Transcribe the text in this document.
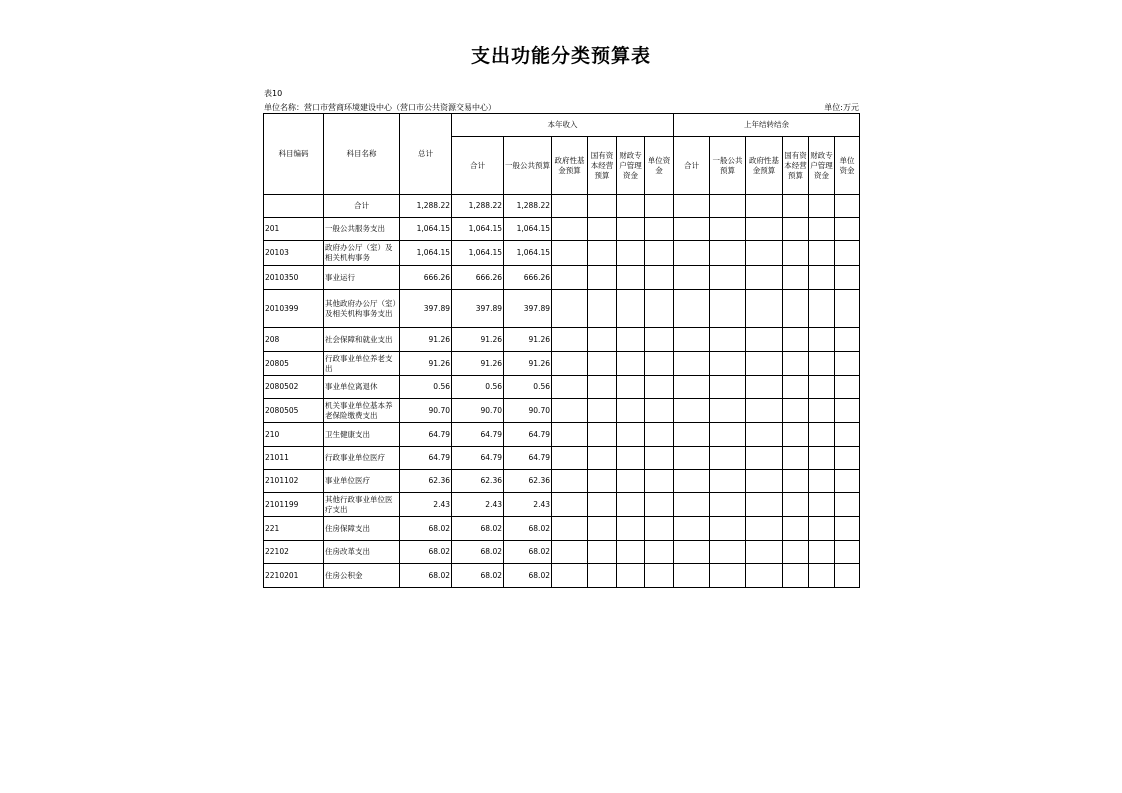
支出功能分类预算表
表10
单位名称：营口市营商环境建设中心（营口市公共资源交易中心）	单位:万元
科目编码	科目名称	总计	本年收入						上年结转结余					
			合计	一般公共预算	政府性基金预算	国有资本经营预算	财政专户管理资金	单位资金	合计	一般公共预算	政府性基金预算	国有资本经营预算	财政专户管理资金	单位资金
	合计	1,288.22	1,288.22	1,288.22										
201	一般公共服务支出	1,064.15	1,064.15	1,064.15										
20103	政府办公厅（室）及相关机构事务	1,064.15	1,064.15	1,064.15										
2010350	事业运行	666.26	666.26	666.26										
2010399	其他政府办公厅（室）及相关机构事务支出	397.89	397.89	397.89										
208	社会保障和就业支出	91.26	91.26	91.26										
20805	行政事业单位养老支出	91.26	91.26	91.26										
2080502	事业单位离退休	0.56	0.56	0.56										
2080505	机关事业单位基本养老保险缴费支出	90.70	90.70	90.70										
210	卫生健康支出	64.79	64.79	64.79										
21011	行政事业单位医疗	64.79	64.79	64.79										
2101102	事业单位医疗	62.36	62.36	62.36										
2101199	其他行政事业单位医疗支出	2.43	2.43	2.43										
221	住房保障支出	68.02	68.02	68.02										
22102	住房改革支出	68.02	68.02	68.02										
2210201	住房公积金	68.02	68.02	68.02										
